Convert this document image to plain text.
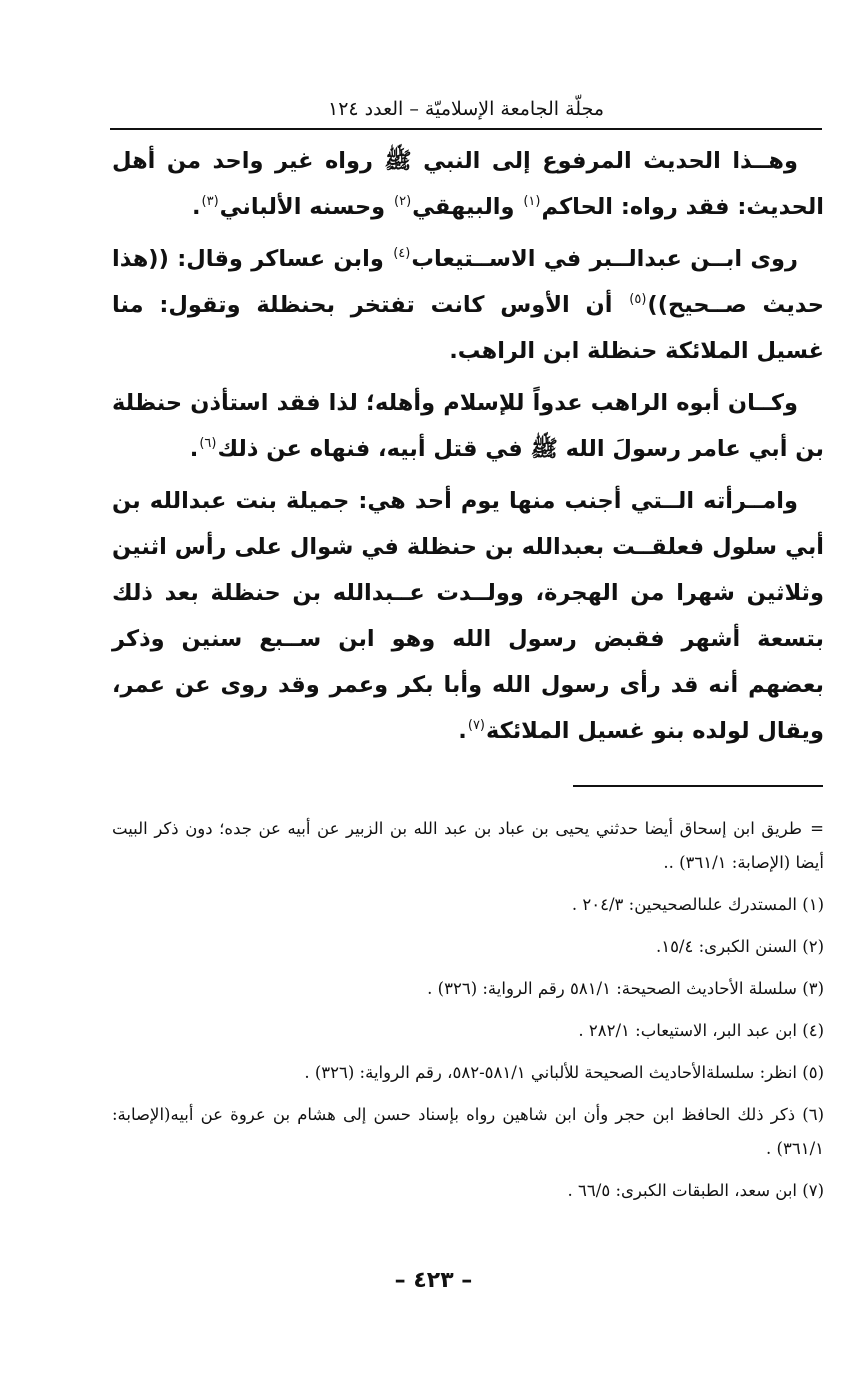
مجلّة الجامعة الإسلاميّة – العدد ١٢٤

وهــذا الحديث المرفوع إلى النبي ﷺ رواه غير واحد من أهل الحديث: فقد رواه: الحاكم$^{(١)}$ والبيهقي$^{(٢)}$ وحسنه الألباني$^{(٣)}$.

روى ابــن عبدالــبر في الاســتيعاب$^{(٤)}$ وابن عساكر وقال: ((هذا حديث صــحيح))$^{(٥)}$ أن الأوس كانت تفتخر بحنظلة وتقول: منا غسيل الملائكة حنظلة ابن الراهب.

وكــان أبوه الراهب عدواً للإسلام وأهله؛ لذا فقد استأذن حنظلة بن أبي عامر رسولَ الله ﷺ في قتل أبيه، فنهاه عن ذلك$^{(٦)}$.

وامــرأته الــتي أجنب منها يوم أحد هي: جميلة بنت عبدالله بن أبي سلول فعلقــت بعبدالله بن حنظلة في شوال على رأس اثنين وثلاثين شهرا من الهجرة، وولــدت عــبدالله بن حنظلة بعد ذلك بتسعة أشهر فقبض رسول الله وهو ابن ســبع سنين وذكر بعضهم أنه قد رأى رسول الله وأبا بكر وعمر وقد روى عن عمر، ويقال لولده بنو غسيل الملائكة$^{(٧)}$.

= طريق ابن إسحاق أيضا حدثني يحيى بن عباد بن عبد الله بن الزبير عن أبيه عن جده؛ دون ذكر البيت أيضا (الإصابة: ٣٦١/١) ..
(١) المستدرك علىالصحيحين: ٢٠٤/٣ .
(٢) السنن الكبرى: ١٥/٤.
(٣) سلسلة الأحاديث الصحيحة: ٥٨١/١ رقم الرواية: (٣٢٦) .
(٤) ابن عبد البر، الاستيعاب: ٢٨٢/١ .
(٥) انظر: سلسلةالأحاديث الصحيحة للألباني ٥٨١/١-٥٨٢، رقم الرواية: (٣٢٦) .
(٦) ذكر ذلك الحافظ ابن حجر وأن ابن شاهين رواه بإسناد حسن إلى هشام بن عروة عن أبيه(الإصابة: ٣٦١/١) .
(٧) ابن سعد، الطبقات الكبرى: ٦٦/٥ .
– ٤٢٣ –
